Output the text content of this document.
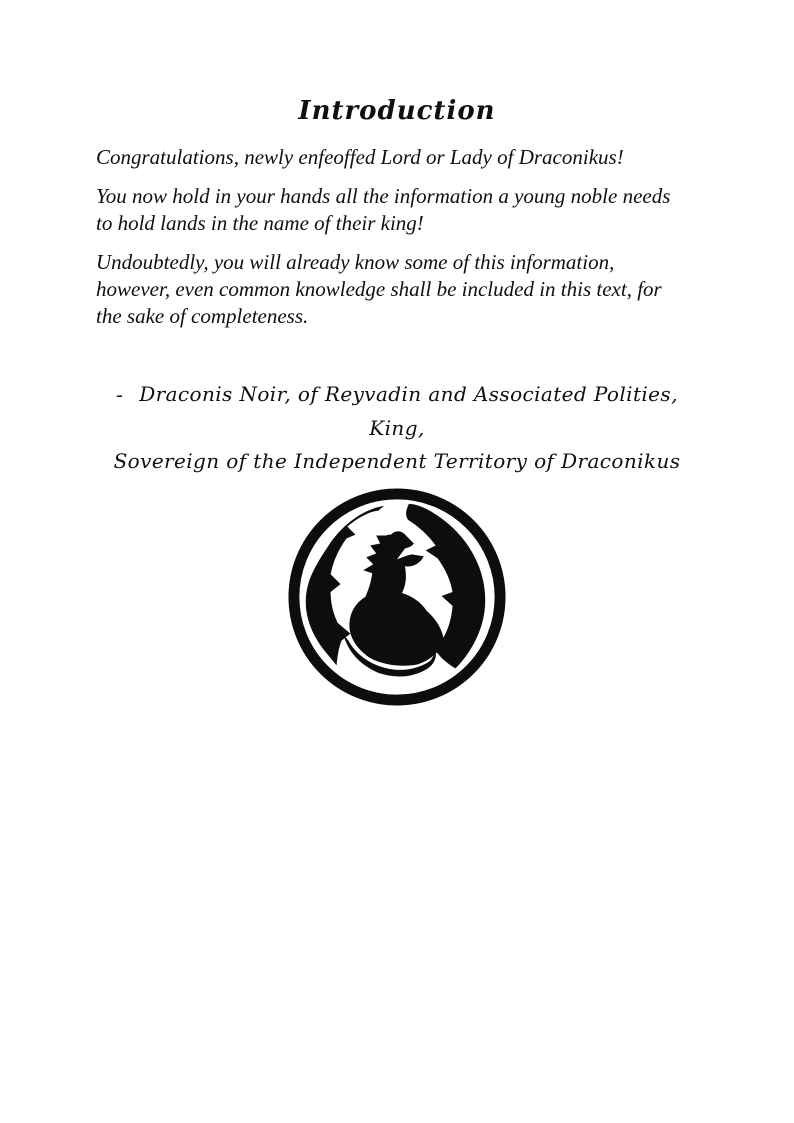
Introduction

Congratulations, newly enfeoffed Lord or Lady of Draconikus!

You now hold in your hands all the information a young noble needs
to hold lands in the name of their king!

Undoubtedly, you will already know some of this information,
however, even common knowledge shall be included in this text, for
the sake of completeness.

- Draconis Noir, of Reyvadin and Associated Polities, King,
Sovereign of the Independent Territory of Draconikus
